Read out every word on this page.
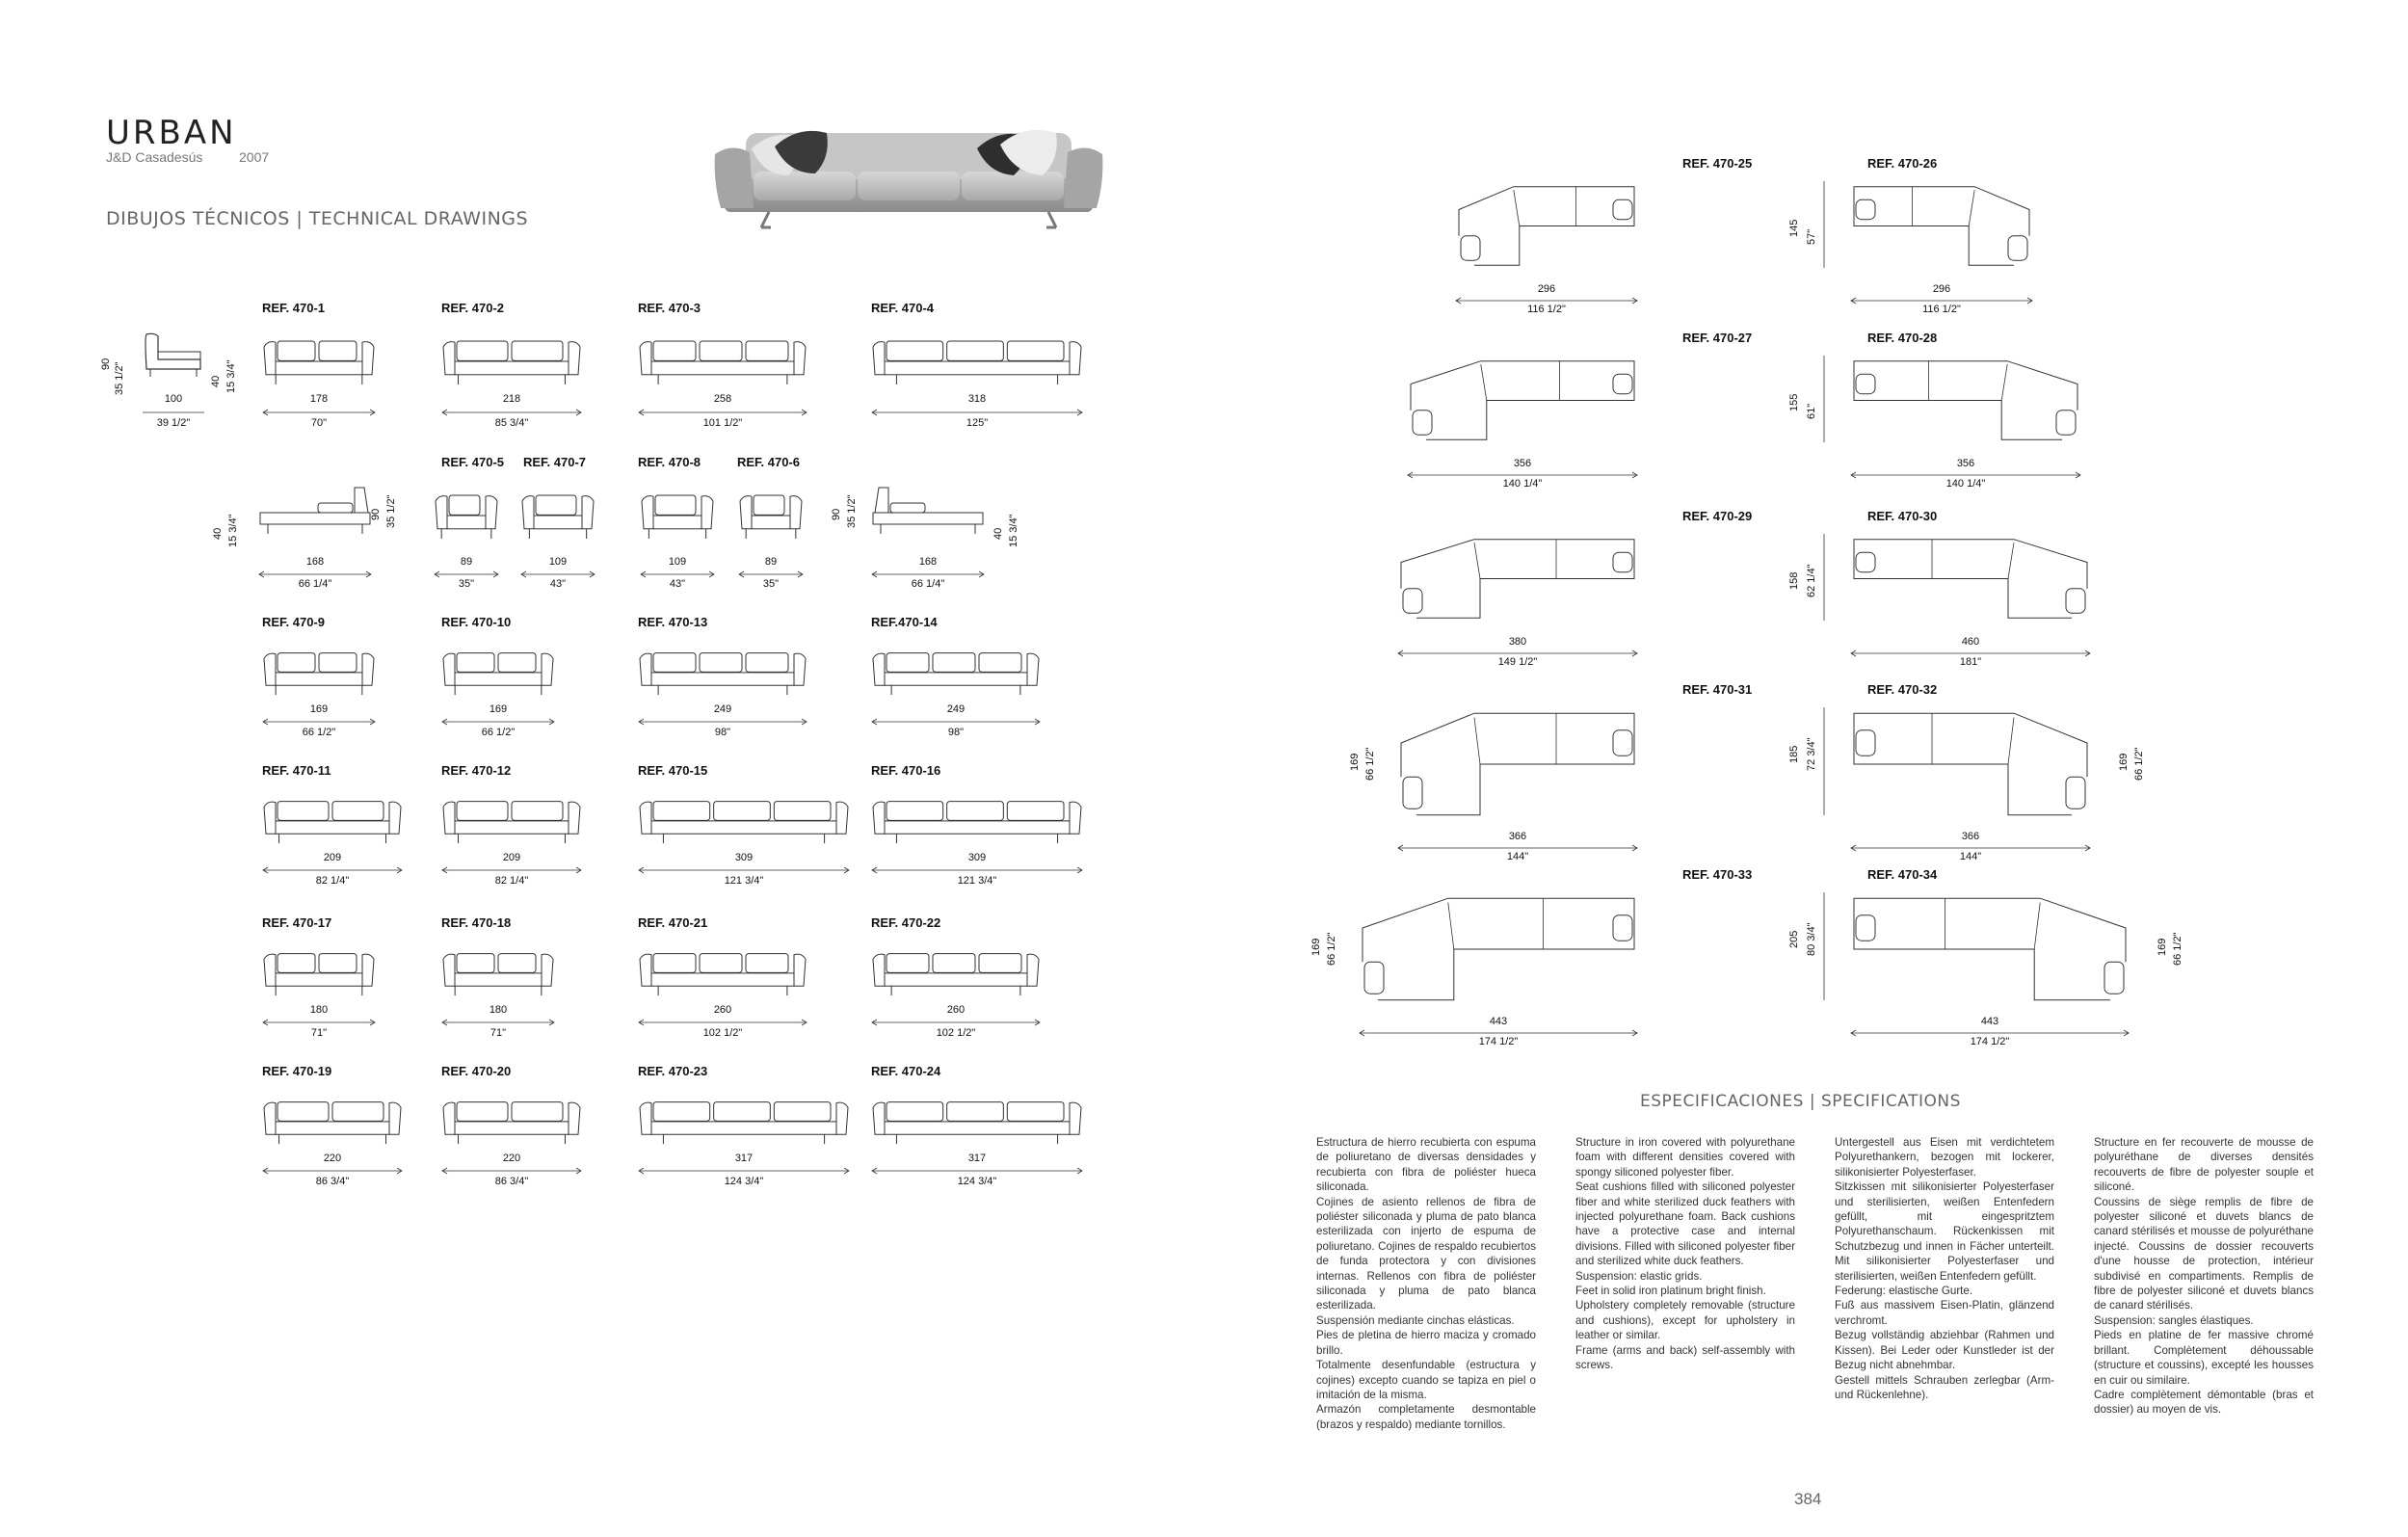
URBAN
J&D Casadesús	2007
DIBUJOS TÉCNICOS | TECHNICAL DRAWINGS
90 35 1/2"	40 15 3/4"
100
39 1/2"
REF. 470-1	REF. 470-2	REF. 470-3	REF. 470-4
178
70"
218
85 3/4"
258
101 1/2"
318
125"
40 15 3/4"	90 35 1/2"
168
66 1/4"
REF. 470-5 REF. 470-7	REF. 470-8	REF. 470-6
89
35"
109
43"
109
43"
89
35"
90 35 1/2"
40 15 3/4"
168
66 1/4"
REF. 470-9
169
66 1/2"
REF. 470-10
169
66 1/2"
REF. 470-13
249
98"
REF.470-14
249
98"
REF. 470-11
209
82 1/4"
REF. 470-12
209
82 1/4"
REF. 470-15
309
121 3/4"
REF. 470-16
309
121 3/4"
REF. 470-17
180
71"
REF. 470-18
180
71"
REF. 470-21
260
102 1/2"
REF. 470-22
260
102 1/2"
REF. 470-19
220
86 3/4"
REF. 470-20
220
86 3/4"
REF. 470-23
317
124 3/4"
REF. 470-24
317
124 3/4"
REF. 470-25	REF. 470-26
145 57"
296
116 1/2"
296
116 1/2"
REF. 470-27	REF. 470-28
155 61"
356
140 1/4"
356
140 1/4"
REF. 470-29	REF. 470-30
158 62 1/4"
380
149 1/2"
460
181"
REF. 470-31	REF. 470-32
185 72 3/4"
366
144"
366
144"
169 66 1/2"	169 66 1/2"
REF. 470-33	REF. 470-34
205 80 3/4"
443
174 1/2"
443
174 1/2"
169 66 1/2"	169 66 1/2"
ESPECIFICACIONES | SPECIFICATIONS

Estructura de hierro recubierta con espuma de poliuretano de diversas densidades y recubierta con fibra de poliéster hueca siliconada.

Cojines de asiento rellenos de fibra de poliéster siliconada y pluma de pato blanca esterilizada con injerto de espuma de poliuretano. Cojines de respaldo recubiertos de funda protectora y con divisiones internas. Rellenos con fibra de poliéster siliconada y pluma de pato blanca esterilizada.

Suspensión mediante cinchas elásticas.

Pies de pletina de hierro maciza y cromado brillo.

Totalmente desenfundable (estructura y cojines) excepto cuando se tapiza en piel o imitación de la misma.

Armazón completamente desmontable (brazos y respaldo) mediante tornillos.

Structure in iron covered with polyurethane foam with different densities covered with spongy siliconed polyester fiber.

Seat cushions filled with siliconed polyester fiber and white sterilized duck feathers with injected polyurethane foam. Back cushions have a protective case and internal divisions. Filled with siliconed polyester fiber and sterilized white duck feathers.

Suspension: elastic grids.

Feet in solid iron platinum bright finish.

Upholstery completely removable (structure and cushions), except for upholstery in leather or similar.

Frame (arms and back) self-assembly with screws.

Untergestell aus Eisen mit verdichtetem Polyurethankern, bezogen mit lockerer, silikonisierter Polyesterfaser.

Sitzkissen mit silikonisierter Polyesterfaser und sterilisierten, weißen Entenfedern gefüllt, mit eingespritztem Polyurethanschaum. Rückenkissen mit Schutzbezug und innen in Fächer unterteilt. Mit silikonisierter Polyesterfaser und sterilisierten, weißen Entenfedern gefüllt.

Federung: elastische Gurte.

Fuß aus massivem Eisen-Platin, glänzend verchromt.

Bezug vollständig abziehbar (Rahmen und Kissen). Bei Leder oder Kunstleder ist der Bezug nicht abnehmbar.

Gestell mittels Schrauben zerlegbar (Arm- und Rückenlehne).

Structure en fer recouverte de mousse de polyuréthane de diverses densités recouverts de fibre de polyester souple et siliconé.

Coussins de siège remplis de fibre de polyester siliconé et duvets blancs de canard stérilisés et mousse de polyuréthane injecté. Coussins de dossier recouverts d'une housse de protection, intérieur subdivisé en compartiments. Remplis de fibre de polyester siliconé et duvets blancs de canard stérilisés.

Suspension: sangles élastiques.

Pieds en platine de fer massive chromé brillant. Complètement déhoussable (structure et coussins), excepté les housses en cuir ou similaire.

Cadre complètement démontable (bras et dossier) au moyen de vis.

384
